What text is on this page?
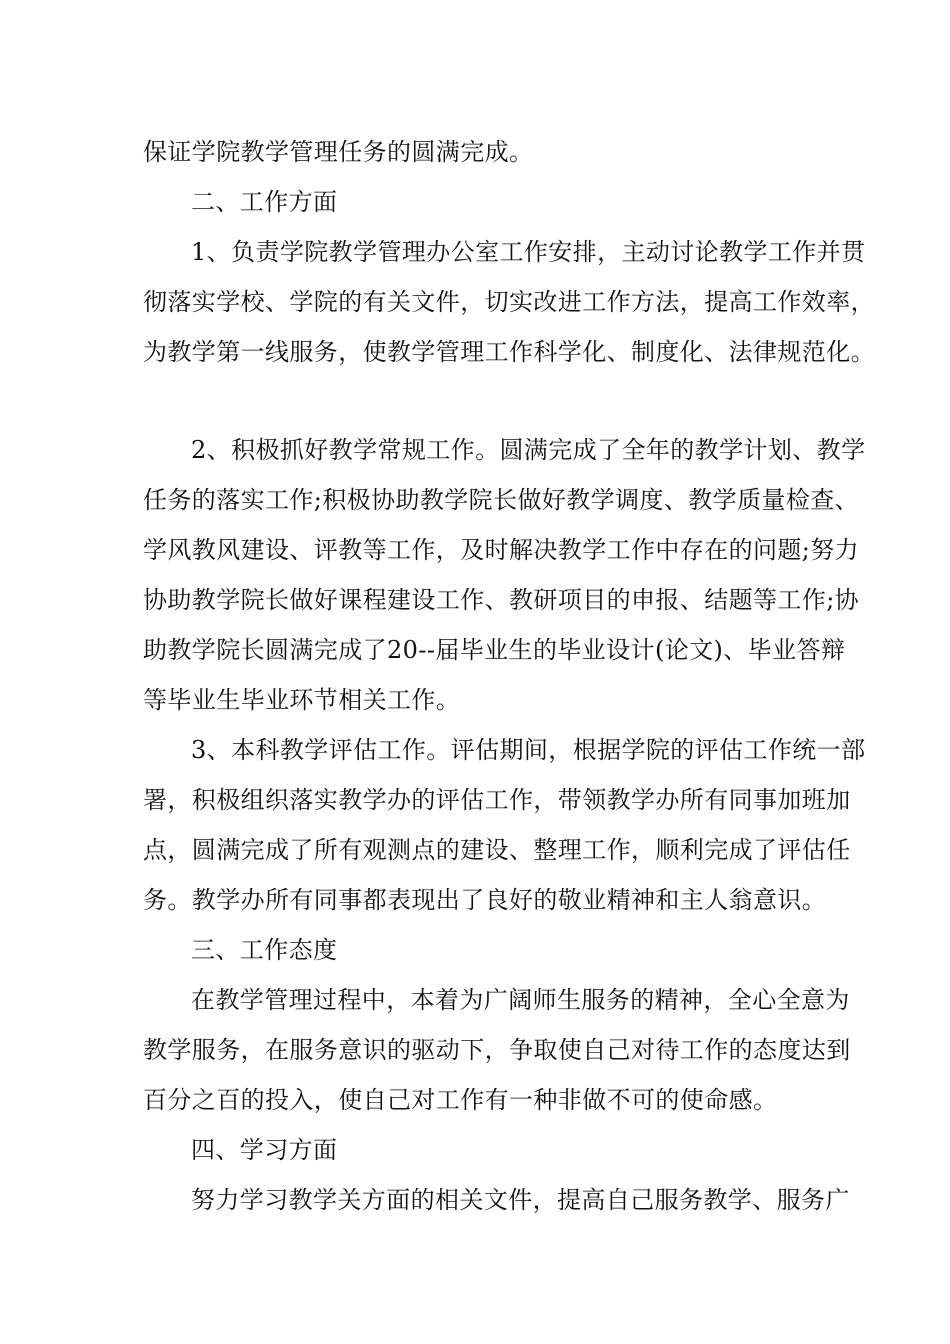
保证学院教学管理任务的圆满完成。
二、工作方面
1、负责学院教学管理办公室工作安排，主动讨论教学工作并贯
彻落实学校、学院的有关文件，切实改进工作方法，提高工作效率，
为教学第一线服务，使教学管理工作科学化、制度化、法律规范化。
2、积极抓好教学常规工作。圆满完成了全年的教学计划、教学
任务的落实工作;积极协助教学院长做好教学调度、教学质量检查、
学风教风建设、评教等工作，及时解决教学工作中存在的问题;努力
协助教学院长做好课程建设工作、教研项目的申报、结题等工作;协
助教学院长圆满完成了20--届毕业生的毕业设计(论文)、毕业答辩
等毕业生毕业环节相关工作。
3、本科教学评估工作。评估期间，根据学院的评估工作统一部
署，积极组织落实教学办的评估工作，带领教学办所有同事加班加
点，圆满完成了所有观测点的建设、整理工作，顺利完成了评估任
务。教学办所有同事都表现出了良好的敬业精神和主人翁意识。
三、工作态度
在教学管理过程中，本着为广阔师生服务的精神，全心全意为
教学服务，在服务意识的驱动下，争取使自己对待工作的态度达到
百分之百的投入，使自己对工作有一种非做不可的使命感。
四、学习方面
努力学习教学关方面的相关文件，提高自己服务教学、服务广
